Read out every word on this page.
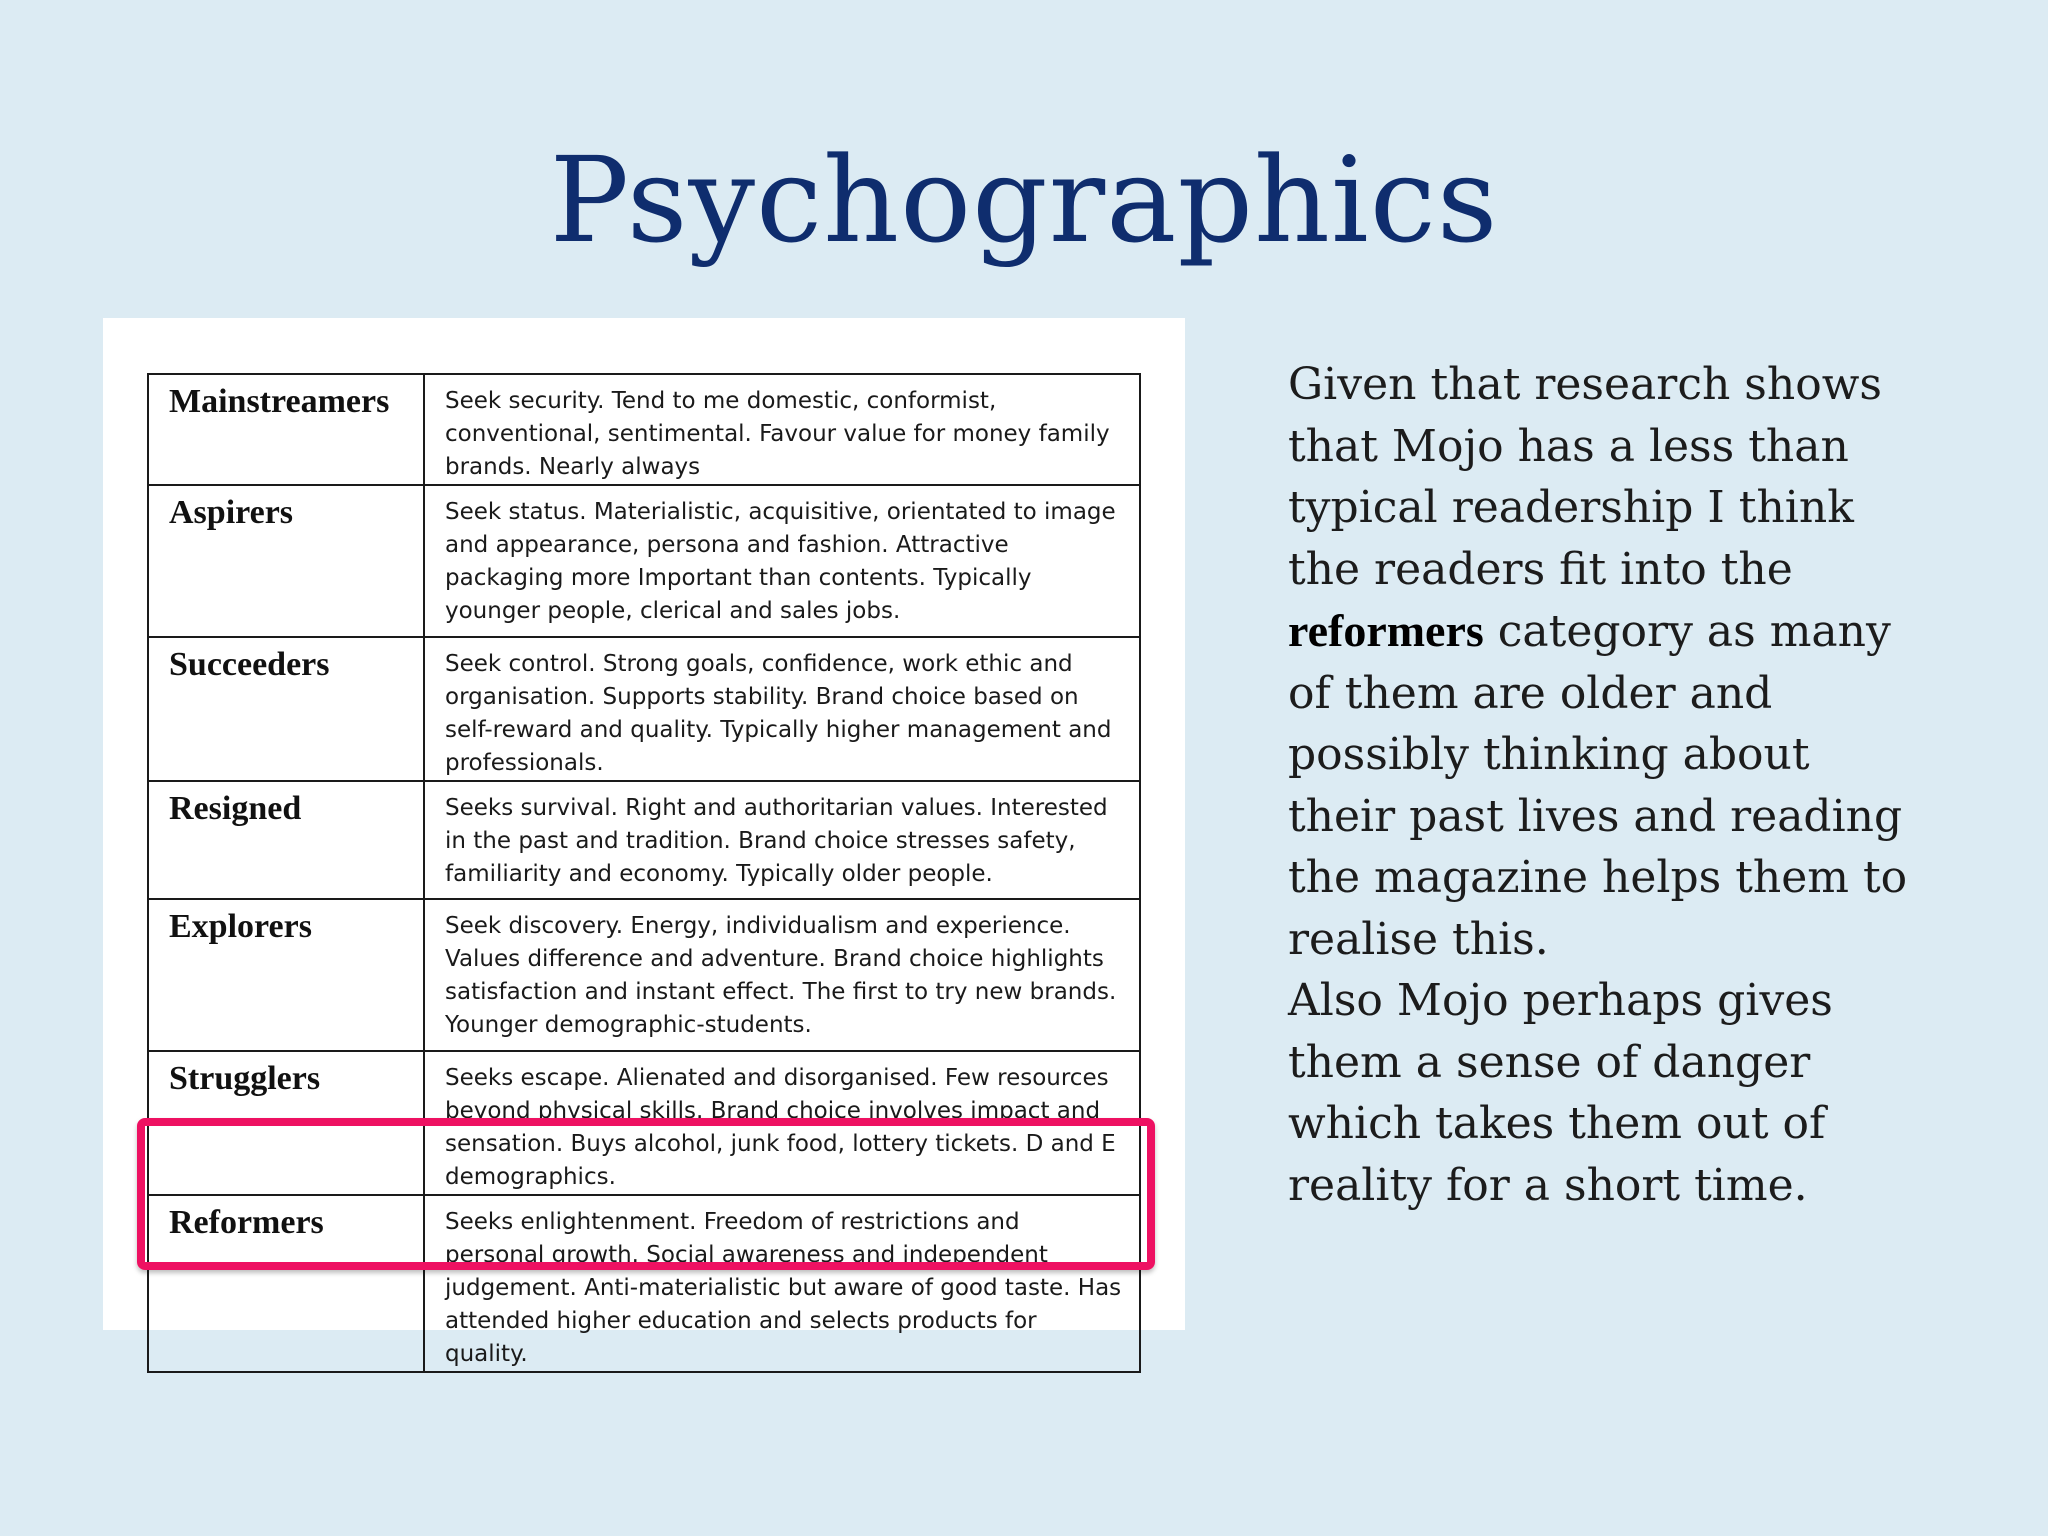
Psychographics
Mainstreamers	Seek security. Tend to me domestic, conformist, conventional, sentimental. Favour value for money family brands. Nearly always
Aspirers	Seek status. Materialistic, acquisitive, orientated to image and appearance, persona and fashion. Attractive packaging more Important than contents. Typically younger people, clerical and sales jobs.
Succeeders	Seek control. Strong goals, confidence, work ethic and organisation. Supports stability. Brand choice based on self-reward and quality. Typically higher management and professionals.
Resigned	Seeks survival. Right and authoritarian values. Interested in the past and tradition. Brand choice stresses safety, familiarity and economy. Typically older people.
Explorers	Seek discovery. Energy, individualism and experience. Values difference and adventure. Brand choice highlights satisfaction and instant effect. The first to try new brands. Younger demographic-students.
Strugglers	Seeks escape. Alienated and disorganised. Few resources beyond physical skills. Brand choice involves impact and sensation. Buys alcohol, junk food, lottery tickets. D and E demographics.
Reformers	Seeks enlightenment. Freedom of restrictions and personal growth. Social awareness and independent judgement. Anti-materialistic but aware of good taste. Has attended higher education and selects products for quality.
Given that research shows
that Mojo has a less than
typical readership I think
the readers fit into the
reformers category as many
of them are older and
possibly thinking about
their past lives and reading
the magazine helps them to
realise this.
Also Mojo perhaps gives
them a sense of danger
which takes them out of
reality for a short time.
